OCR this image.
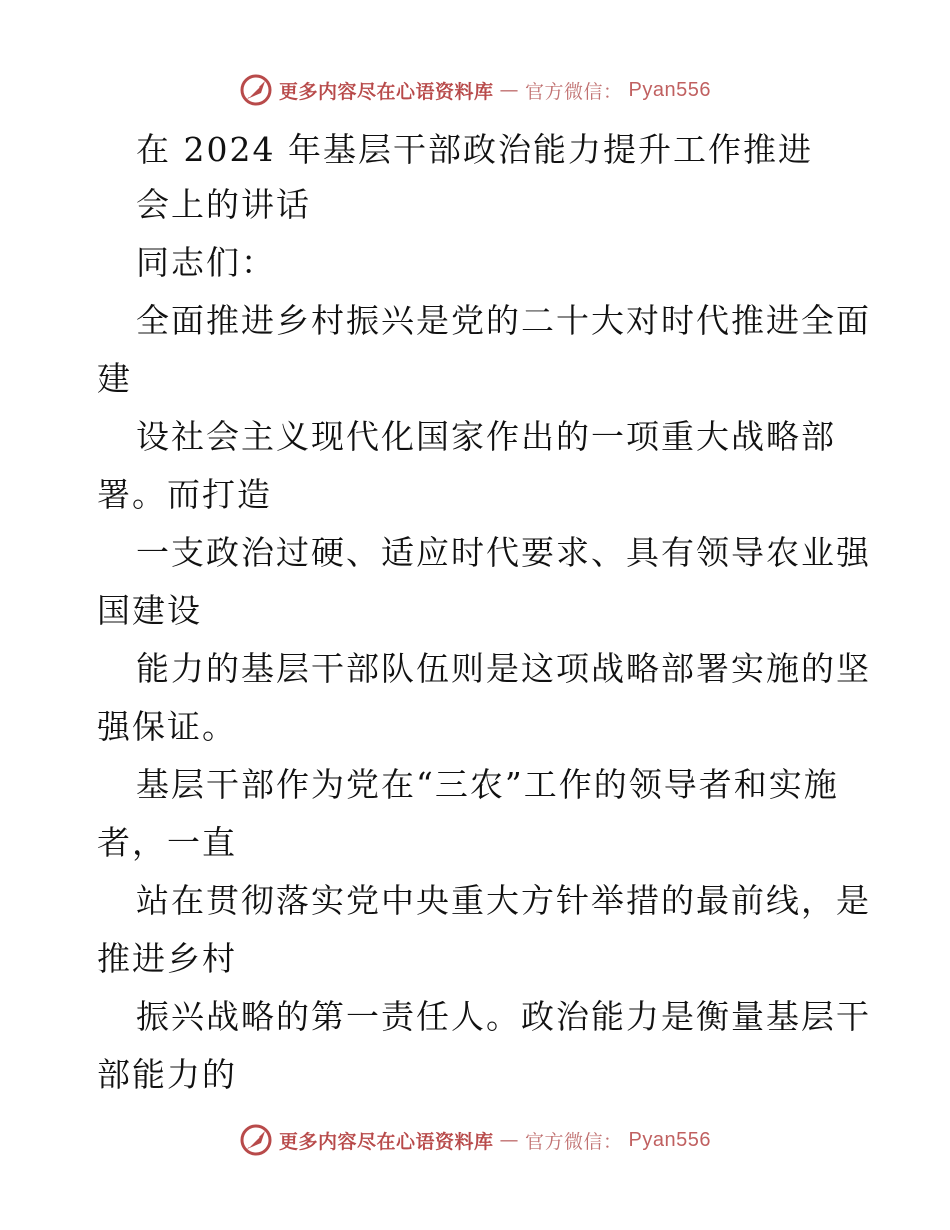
更多内容尽在心语资料库 — 官方微信： Pyan556
在 2024 年基层干部政治能力提升工作推进
会上的讲话
同志们：
全面推进乡村振兴是党的二十大对时代推进全面
建
设社会主义现代化国家作出的一项重大战略部
署。而打造
一支政治过硬、适应时代要求、具有领导农业强
国建设
能力的基层干部队伍则是这项战略部署实施的坚
强保证。
基层干部作为党在“三农”工作的领导者和实施
者，一直
站在贯彻落实党中央重大方针举措的最前线，是
推进乡村
振兴战略的第一责任人。政治能力是衡量基层干
部能力的
更多内容尽在心语资料库 — 官方微信： Pyan556
